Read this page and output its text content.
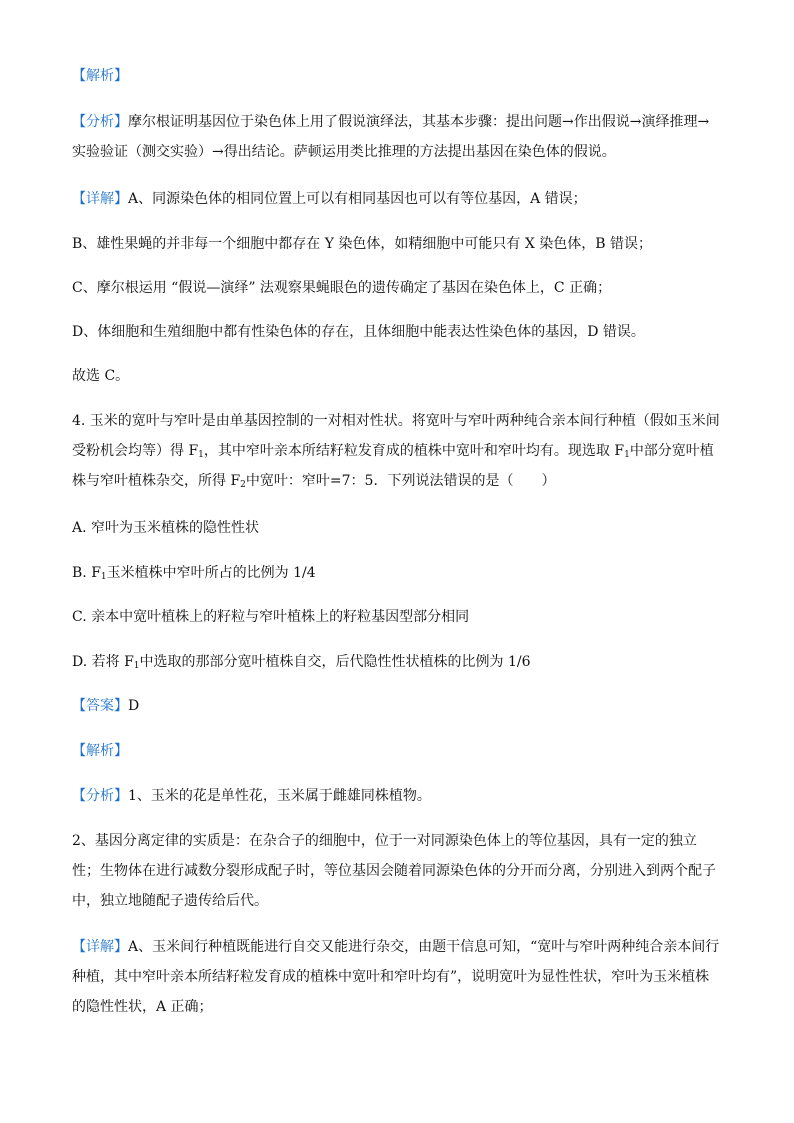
【解析】
【分析】摩尔根证明基因位于染色体上用了假说演绎法，其基本步骤：提出问题→作出假说→演绎推理→
实验验证（测交实验）→得出结论。萨顿运用类比推理的方法提出基因在染色体的假说。
【详解】A、同源染色体的相同位置上可以有相同基因也可以有等位基因，A 错误；
B、雄性果蝇的并非每一个细胞中都存在 Y 染色体，如精细胞中可能只有 X 染色体，B 错误；
C、摩尔根运用 “假说—演绎” 法观察果蝇眼色的遗传确定了基因在染色体上，C 正确；
D、体细胞和生殖细胞中都有性染色体的存在，且体细胞中能表达性染色体的基因，D 错误。
故选 C。
4. 玉米的宽叶与窄叶是由单基因控制的一对相对性状。将宽叶与窄叶两种纯合亲本间行种植（假如玉米间
受粉机会均等）得 $F_1$，其中窄叶亲本所结籽粒发育成的植株中宽叶和窄叶均有。现选取 $F_1$中部分宽叶植
株与窄叶植株杂交，所得 $F_2$中宽叶：窄叶=7：5．下列说法错误的是（　　）
A. 窄叶为玉米植株的隐性性状
B. $F_1$玉米植株中窄叶所占的比例为 1/4
C. 亲本中宽叶植株上的籽粒与窄叶植株上的籽粒基因型部分相同
D. 若将 $F_1$中选取的那部分宽叶植株自交，后代隐性性状植株的比例为 1/6
【答案】D
【解析】
【分析】1、玉米的花是单性花，玉米属于雌雄同株植物。
2、基因分离定律的实质是：在杂合子的细胞中，位于一对同源染色体上的等位基因，具有一定的独立
性；生物体在进行减数分裂形成配子时，等位基因会随着同源染色体的分开而分离，分别进入到两个配子
中，独立地随配子遗传给后代。
【详解】A、玉米间行种植既能进行自交又能进行杂交，由题干信息可知，“宽叶与窄叶两种纯合亲本间行
种植，其中窄叶亲本所结籽粒发育成的植株中宽叶和窄叶均有”，说明宽叶为显性性状，窄叶为玉米植株
的隐性性状，A 正确；
